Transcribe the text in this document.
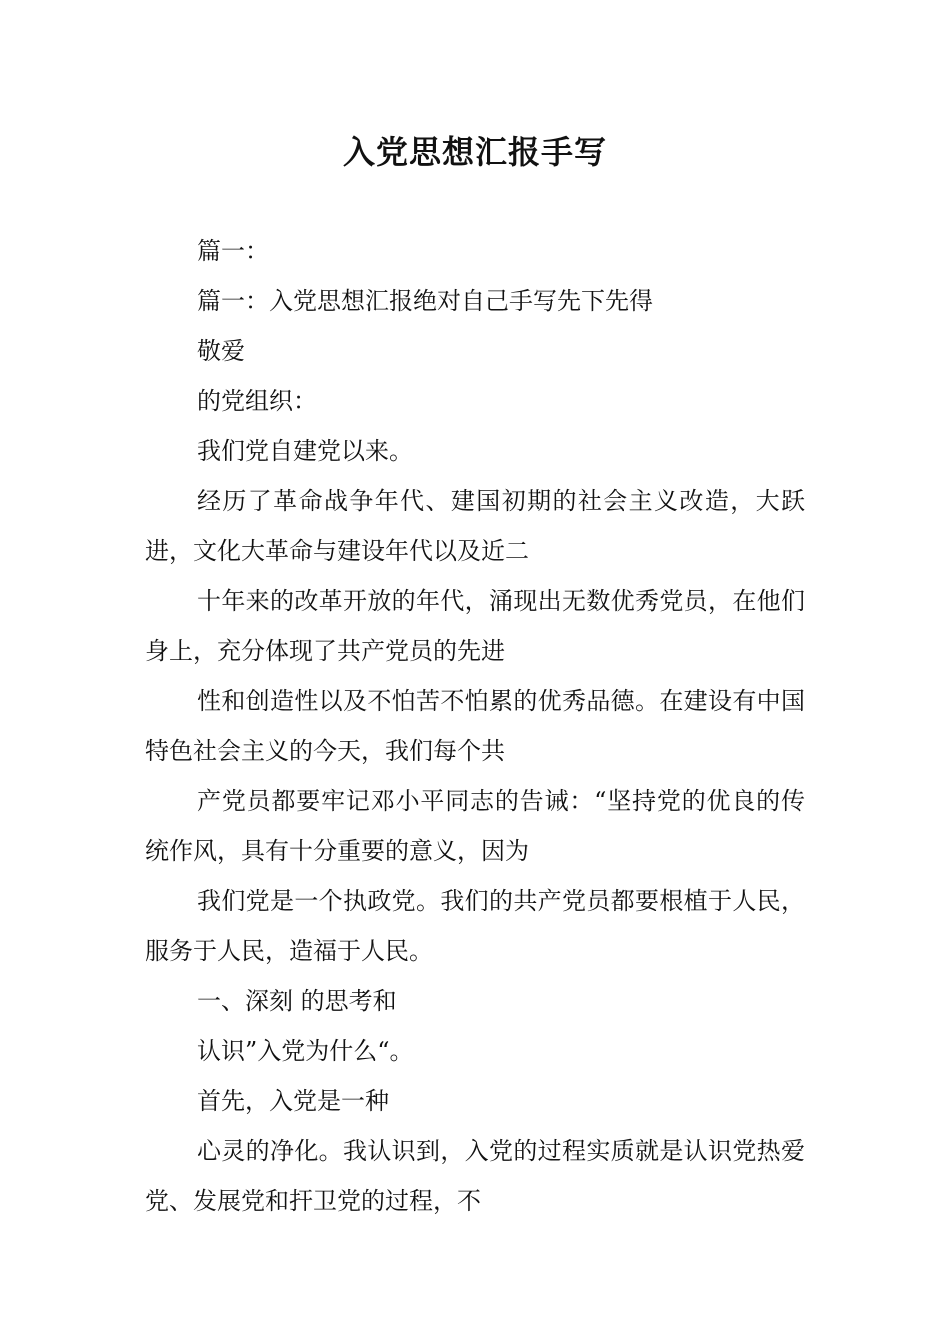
入党思想汇报手写

篇一：

篇一：入党思想汇报绝对自己手写先下先得

敬爱

的党组织：

我们党自建党以来。

经历了革命战争年代、建国初期的社会主义改造，大跃进，文化大革命与建设年代以及近二

十年来的改革开放的年代，涌现出无数优秀党员，在他们身上，充分体现了共产党员的先进

性和创造性以及不怕苦不怕累的优秀品德。在建设有中国特色社会主义的今天，我们每个共

产党员都要牢记邓小平同志的告诫：“坚持党的优良的传统作风，具有十分重要的意义，因为

我们党是一个执政党。我们的共产党员都要根植于人民，服务于人民，造福于人民。

一、深刻 的思考和

认识”入党为什么“。

首先，入党是一种

心灵的净化。我认识到，入党的过程实质就是认识党热爱党、发展党和扞卫党的过程，不
